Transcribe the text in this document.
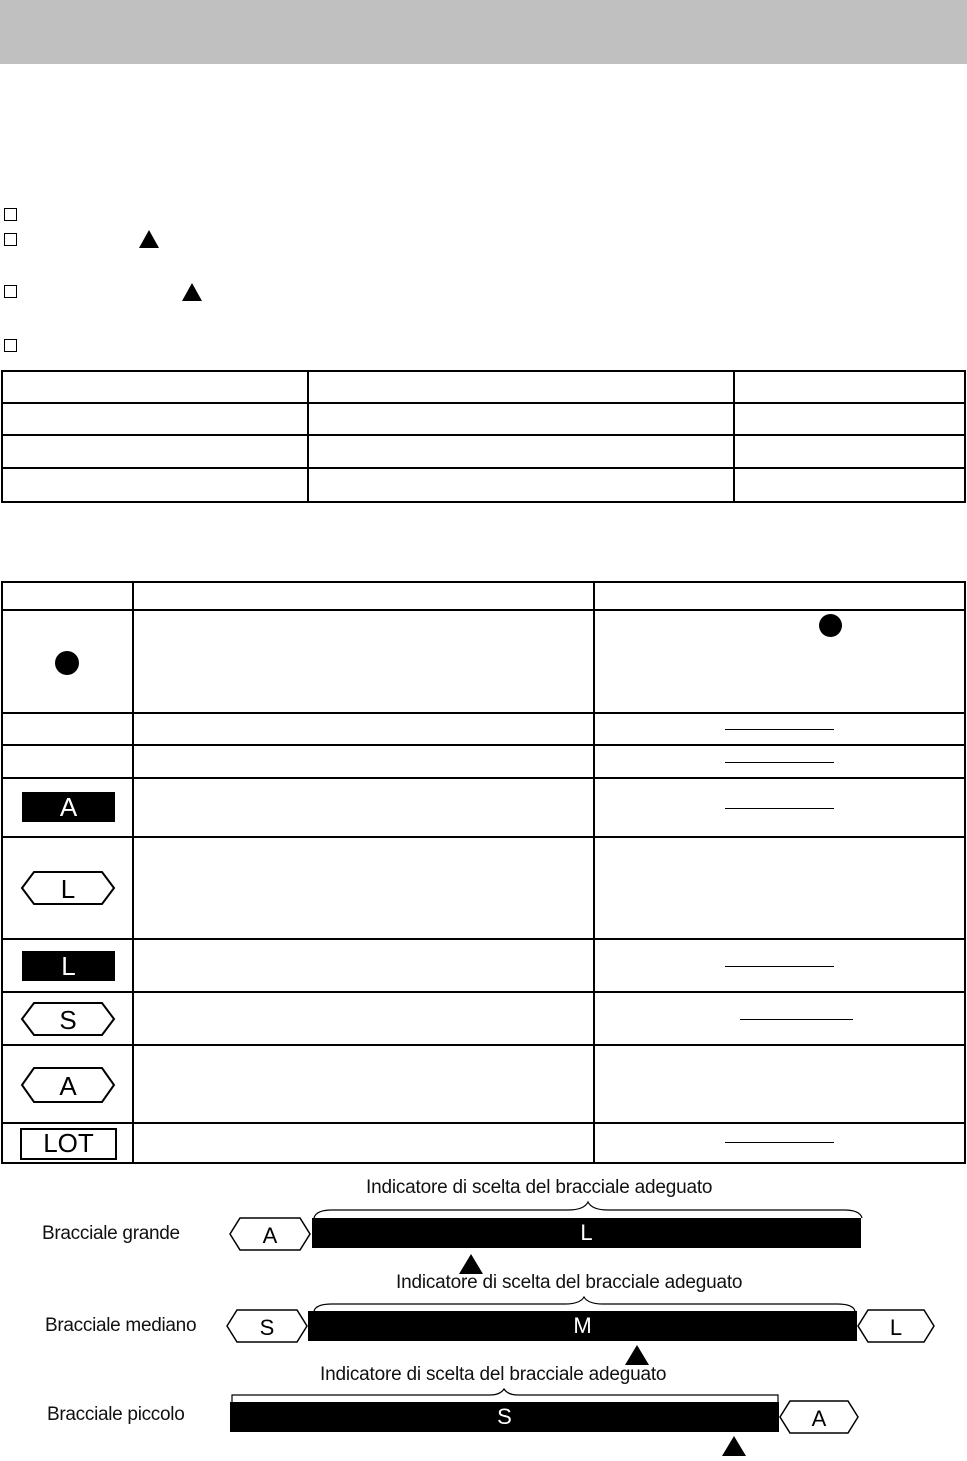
A
L
L
S
A
LOT
Indicatore di scelta del bracciale adeguato
Bracciale grande	A	L
Indicatore di scelta del bracciale adeguato
Bracciale mediano	S	M	L
Indicatore di scelta del bracciale adeguato
Bracciale piccolo	S	A
